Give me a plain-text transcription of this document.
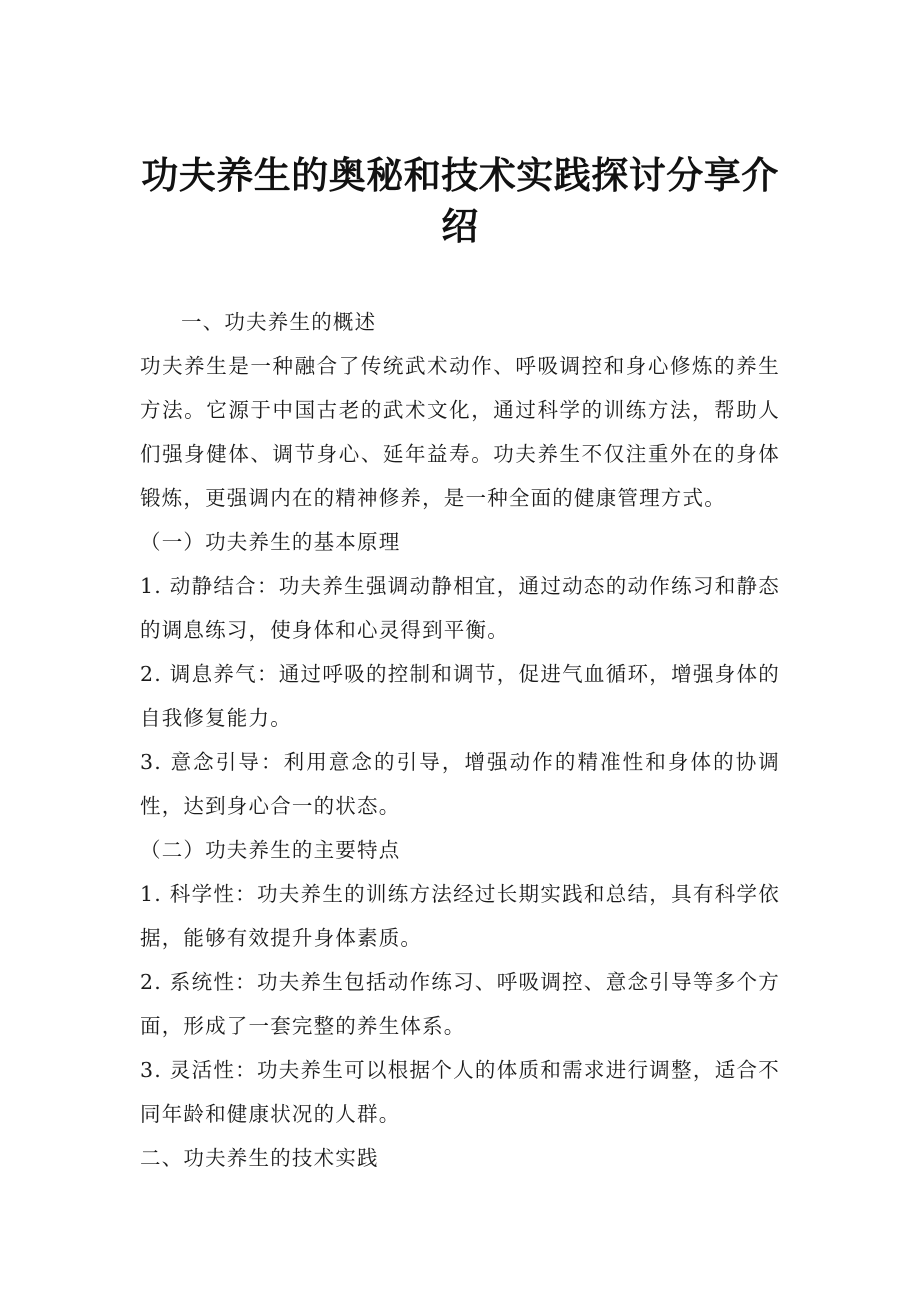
功夫养生的奥秘和技术实践探讨分享介绍

一、功夫养生的概述

功夫养生是一种融合了传统武术动作、呼吸调控和身心修炼的养生方法。它源于中国古老的武术文化，通过科学的训练方法，帮助人们强身健体、调节身心、延年益寿。功夫养生不仅注重外在的身体锻炼，更强调内在的精神修养，是一种全面的健康管理方式。

（一）功夫养生的基本原理

1. 动静结合：功夫养生强调动静相宜，通过动态的动作练习和静态的调息练习，使身体和心灵得到平衡。

2. 调息养气：通过呼吸的控制和调节，促进气血循环，增强身体的自我修复能力。

3. 意念引导：利用意念的引导，增强动作的精准性和身体的协调性，达到身心合一的状态。

（二）功夫养生的主要特点

1. 科学性：功夫养生的训练方法经过长期实践和总结，具有科学依据，能够有效提升身体素质。

2. 系统性：功夫养生包括动作练习、呼吸调控、意念引导等多个方面，形成了一套完整的养生体系。

3. 灵活性：功夫养生可以根据个人的体质和需求进行调整，适合不同年龄和健康状况的人群。

二、功夫养生的技术实践
